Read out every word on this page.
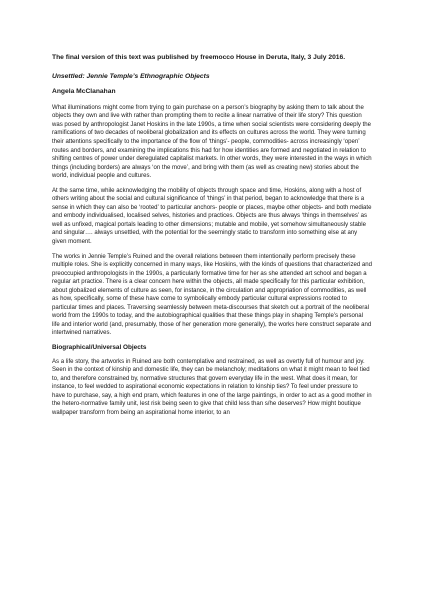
The final version of this text was published by freemocco House in Deruta, Italy, 3 July 2016.
Unsettled: Jennie Temple’s Ethnographic Objects
Angela McClanahan

What illuminations might come from trying to gain purchase on a person’s biography by asking them to talk about the objects they own and live with rather than prompting them to recite a linear narrative of their life story? This question was posed by anthropologist Janet Hoskins in the late 1990s, a time when social scientists were considering deeply the ramifications of two decades of neoliberal globalization and its effects on cultures across the world. They were turning their attentions specifically to the importance of the flow of ‘things’- people, commodities- across increasingly ‘open’ routes and borders, and examining the implications this had for how identities are formed and negotiated in relation to shifting centres of power under deregulated capitalist markets. In other words, they were interested in the ways in which things (including borders) are always ‘on the move’, and bring with them (as well as creating new) stories about the world, individual people and cultures.

At the same time, while acknowledging the mobility of objects through space and time, Hoskins, along with a host of others writing about the social and cultural significance of ‘things’ in that period, began to acknowledge that there is a sense in which they can also be ‘rooted’ to particular anchors- people or places, maybe other objects- and both mediate and embody individualised, localised selves, histories and practices. Objects are thus always ‘things in themselves’ as well as unfixed, magical portals leading to other dimensions; mutable and mobile, yet somehow simultaneously stable and singular…. always unsettled, with the potential for the seemingly static to transform into something else at any given moment.

The works in Jennie Temple’s Ruined and the overall relations between them intentionally perform precisely these multiple roles. She is explicitly concerned in many ways, like Hoskins, with the kinds of questions that characterized and preoccupied anthropologists in the 1990s, a particularly formative time for her as she attended art school and began a regular art practice. There is a clear concern here within the objects, all made specifically for this particular exhibition, about globalized elements of culture as seen, for instance, in the circulation and appropriation of commodities, as well as how, specifically, some of these have come to symbolically embody particular cultural expressions rooted to particular times and places. Traversing seamlessly between meta-discourses that sketch out a portrait of the neoliberal world from the 1990s to today, and the autobiographical qualities that these things play in shaping Temple’s personal life and interior world (and, presumably, those of her generation more generally), the works here construct separate and intertwined narratives.

Biographical/Universal Objects

As a life story, the artworks in Ruined are both contemplative and restrained, as well as overtly full of humour and joy. Seen in the context of kinship and domestic life, they can be melancholy; meditations on what it might mean to feel tied to, and therefore constrained by, normative structures that govern everyday life in the west. What does it mean, for instance, to feel wedded to aspirational economic expectations in relation to kinship ties? To feel under pressure to have to purchase, say, a high end pram, which features in one of the large paintings, in order to act as a good mother in the hetero-normative family unit, lest risk being seen to give that child less than s/he deserves? How might boutique wallpaper transform from being an aspirational home interior, to an
